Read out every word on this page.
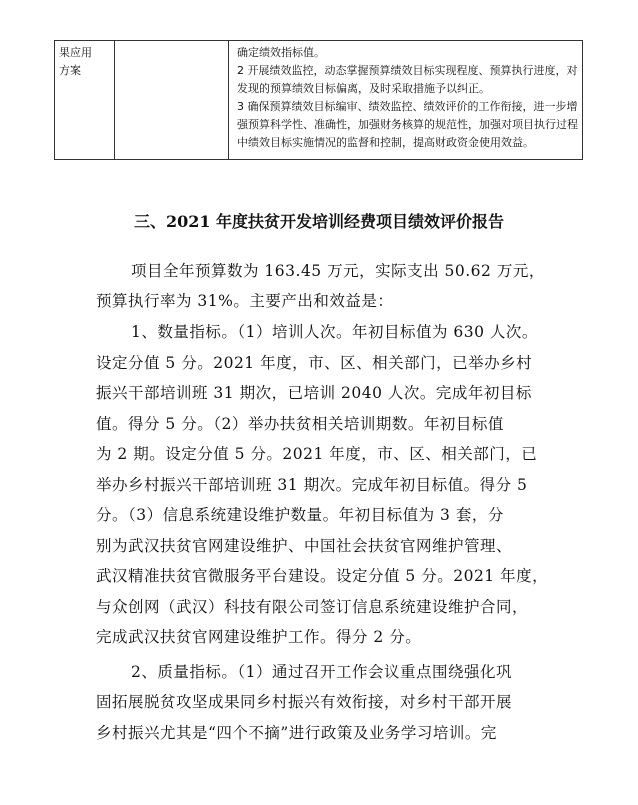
果应用
方案
确定绩效指标值。
2 开展绩效监控，动态掌握预算绩效目标实现程度、预算执行进度，对
发现的预算绩效目标偏离，及时采取措施予以纠正。
3 确保预算绩效目标编审、绩效监控、绩效评价的工作衔接，进一步增
强预算科学性、准确性，加强财务核算的规范性，加强对项目执行过程
中绩效目标实施情况的监督和控制，提高财政资金使用效益。
三、2021 年度扶贫开发培训经费项目绩效评价报告
项目全年预算数为 163.45 万元，实际支出 50.62 万元，
预算执行率为 31%。主要产出和效益是：
1、数量指标。（1）培训人次。年初目标值为 630 人次。
设定分值 5 分。2021 年度，市、区、相关部门，已举办乡村
振兴干部培训班 31 期次，已培训 2040 人次。完成年初目标
值。得分 5 分。（2）举办扶贫相关培训期数。年初目标值
为 2 期。设定分值 5 分。2021 年度，市、区、相关部门，已
举办乡村振兴干部培训班 31 期次。完成年初目标值。得分 5
分。（3）信息系统建设维护数量。年初目标值为 3 套，分
别为武汉扶贫官网建设维护、中国社会扶贫官网维护管理、
武汉精准扶贫官微服务平台建设。设定分值 5 分。2021 年度，
与众创网（武汉）科技有限公司签订信息系统建设维护合同，
完成武汉扶贫官网建设维护工作。得分 2 分。
2、质量指标。（1）通过召开工作会议重点围绕强化巩
固拓展脱贫攻坚成果同乡村振兴有效衔接，对乡村干部开展
乡村振兴尤其是“四个不摘”进行政策及业务学习培训。完
